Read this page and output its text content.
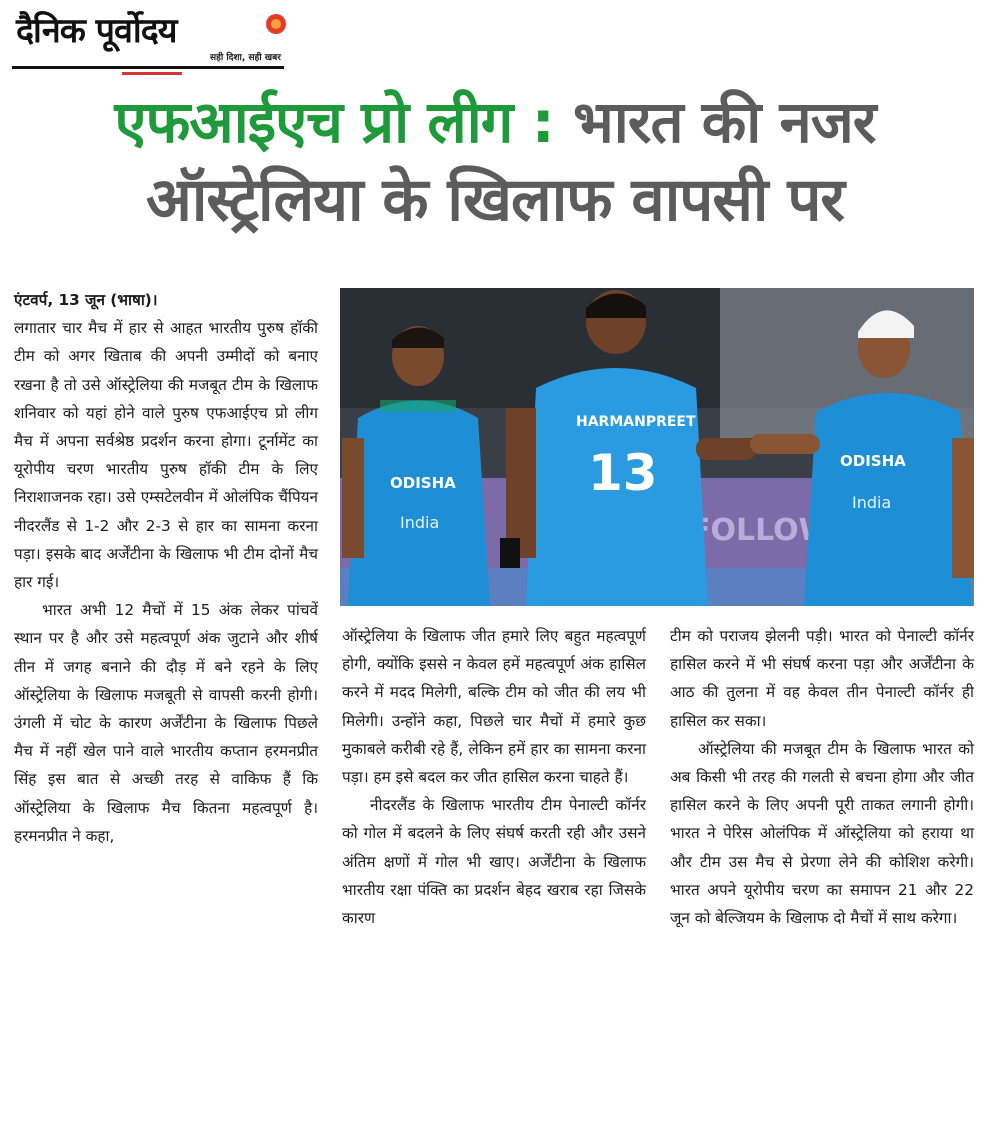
दैनिक पूर्वोदय
सही दिशा, सही खबर
एफआईएच प्रो लीग : भारत की नजर
ऑस्ट्रेलिया के खिलाफ वापसी पर
FOLLOW
ODISHA
India
HARMANPREET
13	ODISHA
India

एंटवर्प, 13 जून (भाषा)।

लगातार चार मैच में हार से आहत भारतीय पुरुष हॉकी टीम को अगर खिताब की अपनी उम्मीदों को बनाए रखना है तो उसे ऑस्ट्रेलिया की मजबूत टीम के खिलाफ शनिवार को यहां होने वाले पुरुष एफआईएच प्रो लीग मैच में अपना सर्वश्रेष्ठ प्रदर्शन करना होगा। टूर्नामेंट का यूरोपीय चरण भारतीय पुरुष हॉकी टीम के लिए निराशाजनक रहा। उसे एम्सटेलवीन में ओलंपिक चैंपियन नीदरलैंड से 1-2 और 2-3 से हार का सामना करना पड़ा। इसके बाद अर्जेंटीना के खिलाफ भी टीम दोनों मैच हार गई।

भारत अभी 12 मैचों में 15 अंक लेकर पांचवें स्थान पर है और उसे महत्वपूर्ण अंक जुटाने और शीर्ष तीन में जगह बनाने की दौड़ में बने रहने के लिए ऑस्ट्रेलिया के खिलाफ मजबूती से वापसी करनी होगी। उंगली में चोट के कारण अर्जेंटीना के खिलाफ पिछले मैच में नहीं खेल पाने वाले भारतीय कप्तान हरमनप्रीत सिंह इस बात से अच्छी तरह से वाकिफ हैं कि ऑस्ट्रेलिया के खिलाफ मैच कितना महत्वपूर्ण है। हरमनप्रीत ने कहा,

ऑस्ट्रेलिया के खिलाफ जीत हमारे लिए बहुत महत्वपूर्ण होगी, क्योंकि इससे न केवल हमें महत्वपूर्ण अंक हासिल करने में मदद मिलेगी, बल्कि टीम को जीत की लय भी मिलेगी। उन्होंने कहा, पिछले चार मैचों में हमारे कुछ मुकाबले करीबी रहे हैं, लेकिन हमें हार का सामना करना पड़ा। हम इसे बदल कर जीत हासिल करना चाहते हैं।

नीदरलैंड के खिलाफ भारतीय टीम पेनाल्टी कॉर्नर को गोल में बदलने के लिए संघर्ष करती रही और उसने अंतिम क्षणों में गोल भी खाए। अर्जेंटीना के खिलाफ भारतीय रक्षा पंक्ति का प्रदर्शन बेहद खराब रहा जिसके कारण

टीम को पराजय झेलनी पड़ी। भारत को पेनाल्टी कॉर्नर हासिल करने में भी संघर्ष करना पड़ा और अर्जेंटीना के आठ की तुलना में वह केवल तीन पेनाल्टी कॉर्नर ही हासिल कर सका।

ऑस्ट्रेलिया की मजबूत टीम के खिलाफ भारत को अब किसी भी तरह की गलती से बचना होगा और जीत हासिल करने के लिए अपनी पूरी ताकत लगानी होगी। भारत ने पेरिस ओलंपिक में ऑस्ट्रेलिया को हराया था और टीम उस मैच से प्रेरणा लेने की कोशिश करेगी। भारत अपने यूरोपीय चरण का समापन 21 और 22 जून को बेल्जियम के खिलाफ दो मैचों में साथ करेगा।
